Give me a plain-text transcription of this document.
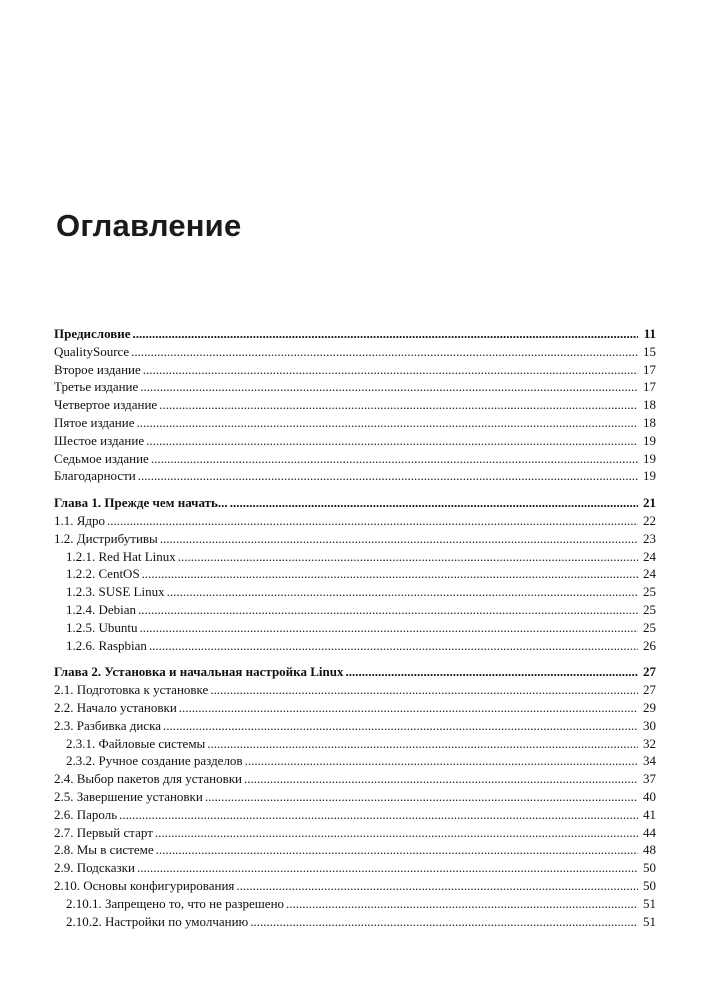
Оглавление
Предисловие .....	11
QualitySource .....	15
Второе издание .....	17
Третье издание .....	17
Четвертое издание .....	18
Пятое издание .....	18
Шестое издание .....	19
Седьмое издание .....	19
Благодарности .....	19
Глава 1. Прежде чем начать... .....	21
1.1. Ядро .....	22
1.2. Дистрибутивы .....	23
1.2.1. Red Hat Linux .....	24
1.2.2. CentOS .....	24
1.2.3. SUSE Linux .....	25
1.2.4. Debian .....	25
1.2.5. Ubuntu .....	25
1.2.6. Raspbian .....	26
Глава 2. Установка и начальная настройка Linux .....	27
2.1. Подготовка к установке .....	27
2.2. Начало установки .....	29
2.3. Разбивка диска .....	30
2.3.1. Файловые системы .....	32
2.3.2. Ручное создание разделов .....	34
2.4. Выбор пакетов для установки .....	37
2.5. Завершение установки .....	40
2.6. Пароль .....	41
2.7. Первый старт .....	44
2.8. Мы в системе .....	48
2.9. Подсказки .....	50
2.10. Основы конфигурирования .....	50
2.10.1. Запрещено то, что не разрешено .....	51
2.10.2. Настройки по умолчанию .....	51
